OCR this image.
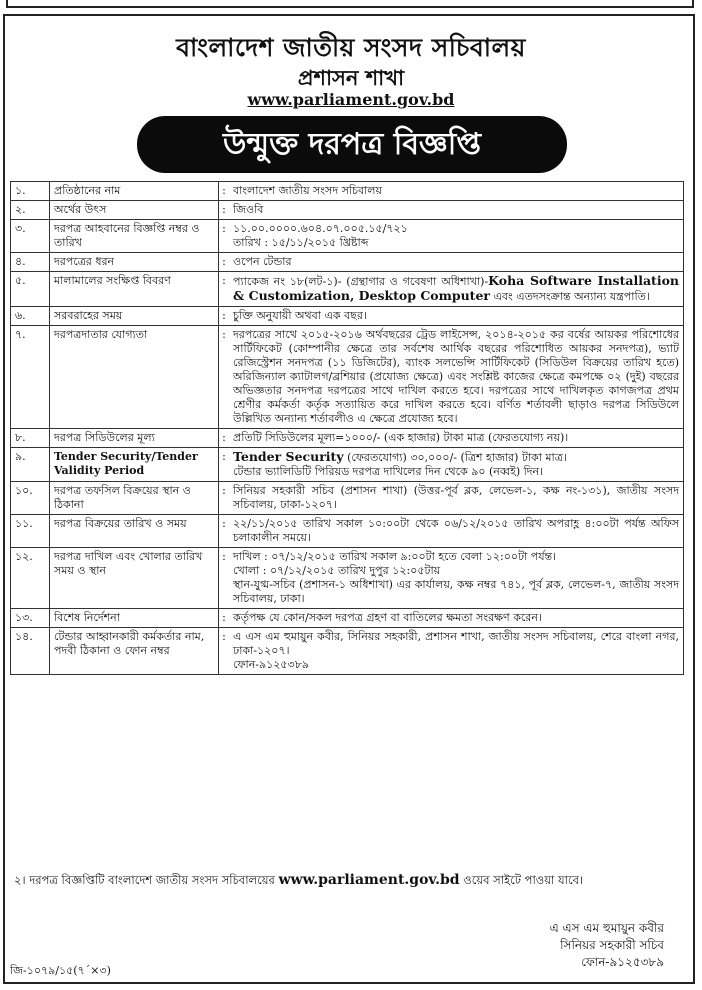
বাংলাদেশ জাতীয় সংসদ সচিবালয়
প্রশাসন শাখা
www.parliament.gov.bd
উন্মুক্ত দরপত্র বিজ্ঞপ্তি
১.	প্রতিষ্ঠানের নাম	:	বাংলাদেশ জাতীয় সংসদ সচিবালয়

২.	অর্থের উৎস	:	জিওবি

৩.	দরপত্র আহবানের বিজ্ঞপ্তি নম্বর ও তারিখ	:	১১.০০.০০০০.৬০৪.০৭.০০৫.১৫/৭২১
তারিখ : ১৫/১১/২০১৫ খ্রিষ্টাব্দ

৪.	দরপত্রের ধরন	:	ওপেন টেন্ডার

৫.	মালামালের সংক্ষিপ্ত বিবরণ	:	প্যাকেজ নং ১৮(লট-১)- (গ্রন্থাগার ও গবেষণা অধিশাখা)-Koha Software Installation & Customization, Desktop Computer এবং এতদসংক্রান্ত অন্যান্য যন্ত্রপাতি।

৬.	সরবরাহের সময়	:	চুক্তি অনুযায়ী অথবা এক বছর।

৭.	দরপত্রদাতার যোগ্যতা	:	দরপত্রের সাথে ২০১৫-২০১৬ অর্থবছরের ট্রেড লাইসেন্স, ২০১৪-২০১৫ কর বর্ষের আয়কর পরিশোধের সার্টিফিকেট (কোম্পানীর ক্ষেত্রে তার সর্বশেষ আর্থিক বছরের পরিশোধিত আয়কর সনদপত্র), ভ্যাট রেজিস্ট্রেশন সনদপত্র (১১ ডিজিটের), ব্যাংক সলভেন্সি সার্টিফিকেট (সিডিউল বিক্রয়ের তারিখ হতে) অরিজিন্যাল ক্যাটালগ/ব্রশিয়ার (প্রযোজ্য ক্ষেত্রে) এবং সংশ্লিষ্ট কাজের ক্ষেত্রে কমপক্ষে ০২ (দুই) বছরের অভিজ্ঞতার সনদপত্র দরপত্রের সাথে দাখিল করতে হবে। দরপত্রের সাথে দাখিলকৃত কাগজপত্র প্রথম শ্রেণীর কর্মকর্তা কর্তৃক সত্যায়িত করে দাখিল করতে হবে। বর্ণিত শর্তাবলী ছাড়াও দরপত্র সিডিউলে উল্লিখিত অন্যান্য শর্তাবলীও এ ক্ষেত্রে প্রযোজ্য হবে।

৮.	দরপত্র সিডিউলের মূল্য	:	প্রতিটি সিডিউলের মূল্য=১০০০/- (এক হাজার) টাকা মাত্র (ফেরতযোগ্য নয়)।

৯.	Tender Security/Tender Validity Period	:	Tender Security (ফেরতযোগ্য) ৩০,০০০/- (ত্রিশ হাজার) টাকা মাত্র।
টেন্ডার ভ্যালিডিটি পিরিয়ড দরপত্র দাখিলের দিন থেকে ৯০ (নব্বই) দিন।

১০.	দরপত্র তফসিল বিক্রয়ের স্থান ও ঠিকানা	:	সিনিয়র সহকারী সচিব (প্রশাসন শাখা) (উত্তর-পূর্ব ব্লক, লেভেল-১, কক্ষ নং-১৩১), জাতীয় সংসদ সচিবালয়, ঢাকা-১২০৭।

১১.	দরপত্র বিক্রয়ের তারিখ ও সময়	:	২২/১১/২০১৫ তারিখ সকাল ১০:০০টা থেকে ০৬/১২/২০১৫ তারিখ অপরাহ্ণ ৪:০০টা পর্যন্ত অফিস চলাকালীন সময়ে।

১২.	দরপত্র দাখিল এবং খোলার তারিখ সময় ও স্থান	:	দাখিল : ০৭/১২/২০১৫ তারিখ সকাল ৯:০০টা হতে বেলা ১২:০০টা পর্যন্ত।
খোলা : ০৭/১২/২০১৫ তারিখ দুপুর ১২:০৫টায়
স্থান-যুগ্ম-সচিব (প্রশাসন-১ অধিশাখা) এর কার্যালয়, কক্ষ নম্বর ৭৪১, পূর্ব ব্লক, লেভেল-৭, জাতীয় সংসদ সচিবালয়, ঢাকা।

১৩.	বিশেষ নির্দেশনা	:	কর্তৃপক্ষ যে কোন/সকল দরপত্র গ্রহণ বা বাতিলের ক্ষমতা সংরক্ষণ করেন।

১৪.	টেন্ডার আহ্বানকারী কর্মকর্তার নাম, পদবী ঠিকানা ও ফোন নম্বর	:	এ এস এম হুমায়ুন কবীর, সিনিয়র সহকারী, প্রশাসন শাখা, জাতীয় সংসদ সচিবালয়, শেরে বাংলা নগর, ঢাকা-১২০৭।
ফোন-৯১২৫৩৮৯
২। দরপত্র বিজ্ঞপ্তিটি বাংলাদেশ জাতীয় সংসদ সচিবালয়ের www.parliament.gov.bd ওয়েব সাইটে পাওয়া যাবে।
এ এস এম হুমায়ুন কবীর
সিনিয়র সহকারী সচিব
ফোন-৯১২৫৩৮৯
জি-১০৭৯/১৫(৭´×৩)
